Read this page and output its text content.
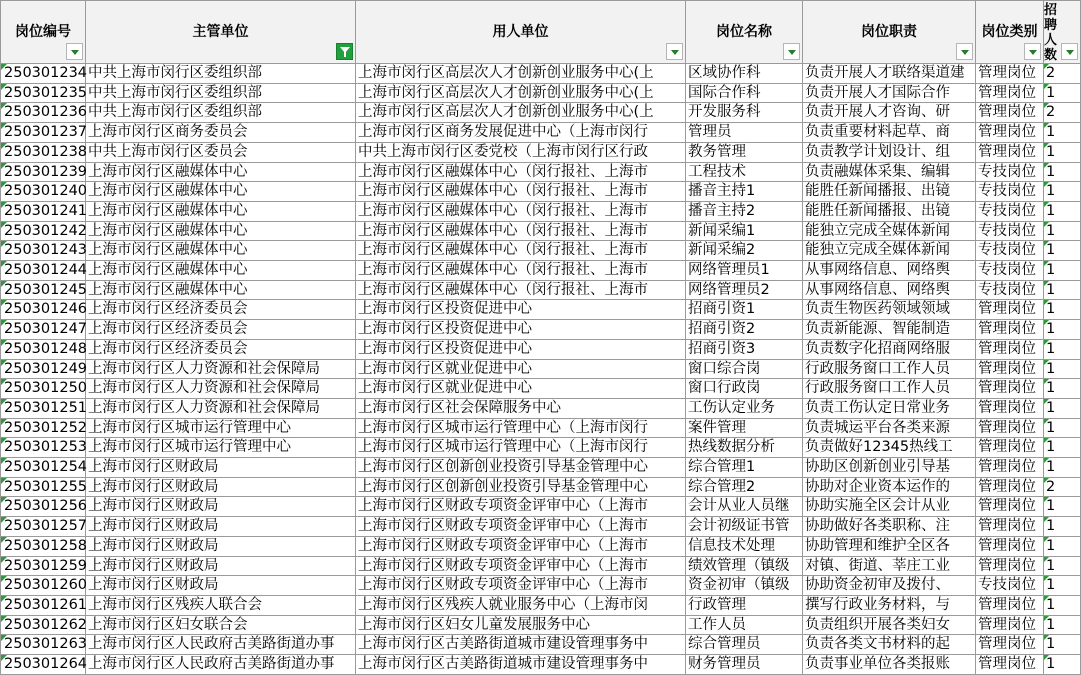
岗位编号	主管单位	用人单位	岗位名称	岗位职责	岗位类别	招聘人数

250301234	中共上海市闵行区委组织部	上海市闵行区高层次人才创新创业服务中心(上	区域协作科	负责开展人才联络渠道建	管理岗位	2
250301235	中共上海市闵行区委组织部	上海市闵行区高层次人才创新创业服务中心(上	国际合作科	负责开展人才国际合作	管理岗位	1
250301236	中共上海市闵行区委组织部	上海市闵行区高层次人才创新创业服务中心(上	开发服务科	负责开展人才咨询、研	管理岗位	2
250301237	上海市闵行区商务委员会	上海市闵行区商务发展促进中心（上海市闵行	管理员	负责重要材料起草、商	管理岗位	1
250301238	中共上海市闵行区委员会	中共上海市闵行区委党校（上海市闵行区行政	教务管理	负责教学计划设计、组	管理岗位	1
250301239	上海市闵行区融媒体中心	上海市闵行区融媒体中心（闵行报社、上海市	工程技术	负责融媒体采集、编辑	专技岗位	1
250301240	上海市闵行区融媒体中心	上海市闵行区融媒体中心（闵行报社、上海市	播音主持1	能胜任新闻播报、出镜	专技岗位	1
250301241	上海市闵行区融媒体中心	上海市闵行区融媒体中心（闵行报社、上海市	播音主持2	能胜任新闻播报、出镜	专技岗位	1
250301242	上海市闵行区融媒体中心	上海市闵行区融媒体中心（闵行报社、上海市	新闻采编1	能独立完成全媒体新闻	专技岗位	1
250301243	上海市闵行区融媒体中心	上海市闵行区融媒体中心（闵行报社、上海市	新闻采编2	能独立完成全媒体新闻	专技岗位	1
250301244	上海市闵行区融媒体中心	上海市闵行区融媒体中心（闵行报社、上海市	网络管理员1	从事网络信息、网络舆	专技岗位	1
250301245	上海市闵行区融媒体中心	上海市闵行区融媒体中心（闵行报社、上海市	网络管理员2	从事网络信息、网络舆	专技岗位	1
250301246	上海市闵行区经济委员会	上海市闵行区投资促进中心	招商引资1	负责生物医药领域领域	管理岗位	1
250301247	上海市闵行区经济委员会	上海市闵行区投资促进中心	招商引资2	负责新能源、智能制造	管理岗位	1
250301248	上海市闵行区经济委员会	上海市闵行区投资促进中心	招商引资3	负责数字化招商网络服	管理岗位	1
250301249	上海市闵行区人力资源和社会保障局	上海市闵行区就业促进中心	窗口综合岗	行政服务窗口工作人员	管理岗位	1
250301250	上海市闵行区人力资源和社会保障局	上海市闵行区就业促进中心	窗口行政岗	行政服务窗口工作人员	管理岗位	1
250301251	上海市闵行区人力资源和社会保障局	上海市闵行区社会保障服务中心	工伤认定业务	负责工伤认定日常业务	管理岗位	1
250301252	上海市闵行区城市运行管理中心	上海市闵行区城市运行管理中心（上海市闵行	案件管理	负责城运平台各类来源	管理岗位	1
250301253	上海市闵行区城市运行管理中心	上海市闵行区城市运行管理中心（上海市闵行	热线数据分析	负责做好12345热线工	管理岗位	1
250301254	上海市闵行区财政局	上海市闵行区创新创业投资引导基金管理中心	综合管理1	协助区创新创业引导基	管理岗位	1
250301255	上海市闵行区财政局	上海市闵行区创新创业投资引导基金管理中心	综合管理2	协助对企业资本运作的	管理岗位	2
250301256	上海市闵行区财政局	上海市闵行区财政专项资金评审中心（上海市	会计从业人员继	协助实施全区会计从业	管理岗位	1
250301257	上海市闵行区财政局	上海市闵行区财政专项资金评审中心（上海市	会计初级证书管	协助做好各类职称、注	管理岗位	1
250301258	上海市闵行区财政局	上海市闵行区财政专项资金评审中心（上海市	信息技术处理	协助管理和维护全区各	管理岗位	1
250301259	上海市闵行区财政局	上海市闵行区财政专项资金评审中心（上海市	绩效管理（镇级	对镇、街道、莘庄工业	管理岗位	1
250301260	上海市闵行区财政局	上海市闵行区财政专项资金评审中心（上海市	资金初审（镇级	协助资金初审及拨付、	专技岗位	1
250301261	上海市闵行区残疾人联合会	上海市闵行区残疾人就业服务中心（上海市闵	行政管理	撰写行政业务材料，与	管理岗位	1
250301262	上海市闵行区妇女联合会	上海市闵行区妇女儿童发展服务中心	工作人员	负责组织开展各类妇女	管理岗位	1
250301263	上海市闵行区人民政府古美路街道办事	上海市闵行区古美路街道城市建设管理事务中	综合管理员	负责各类文书材料的起	管理岗位	1
250301264	上海市闵行区人民政府古美路街道办事	上海市闵行区古美路街道城市建设管理事务中	财务管理员	负责事业单位各类报账	管理岗位	1
